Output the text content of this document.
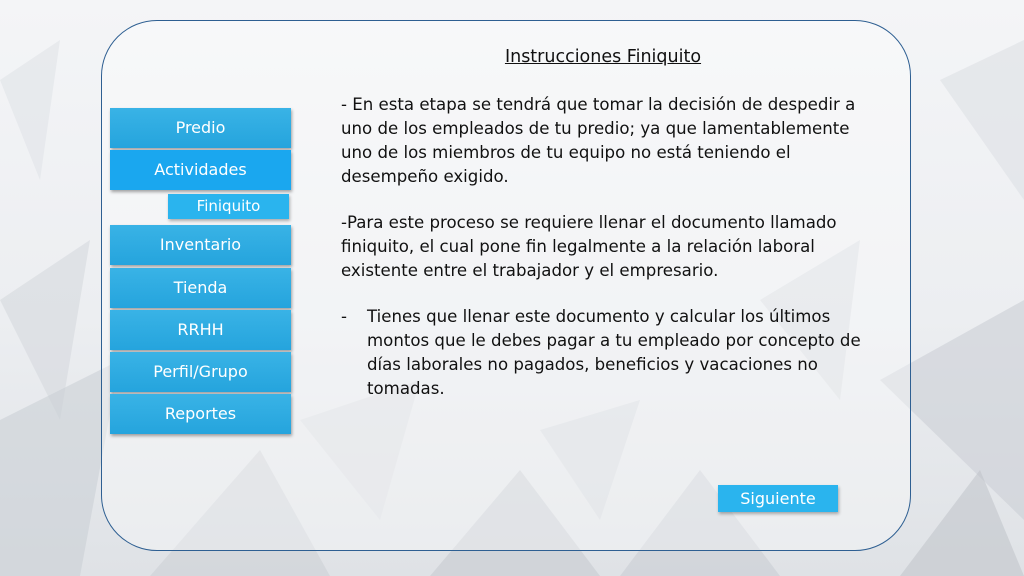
Instrucciones Finiquito
Predio
Actividades
Finiquito
Inventario
Tienda
RRHH
Perfil/Grupo
Reportes

- En esta etapa se tendrá que tomar la decisión de despedir a uno de los empleados de tu predio; ya que lamentablemente uno de los miembros de tu equipo no está teniendo el desempeño exigido.

-Para este proceso se requiere llenar el documento llamado finiquito, el cual pone fin legalmente a la relación laboral existente entre el trabajador y el empresario.

-	Tienes que llenar este documento y calcular los últimos montos que le debes pagar a tu empleado por concepto de días laborales no pagados, beneficios y vacaciones no tomadas.
Siguiente
